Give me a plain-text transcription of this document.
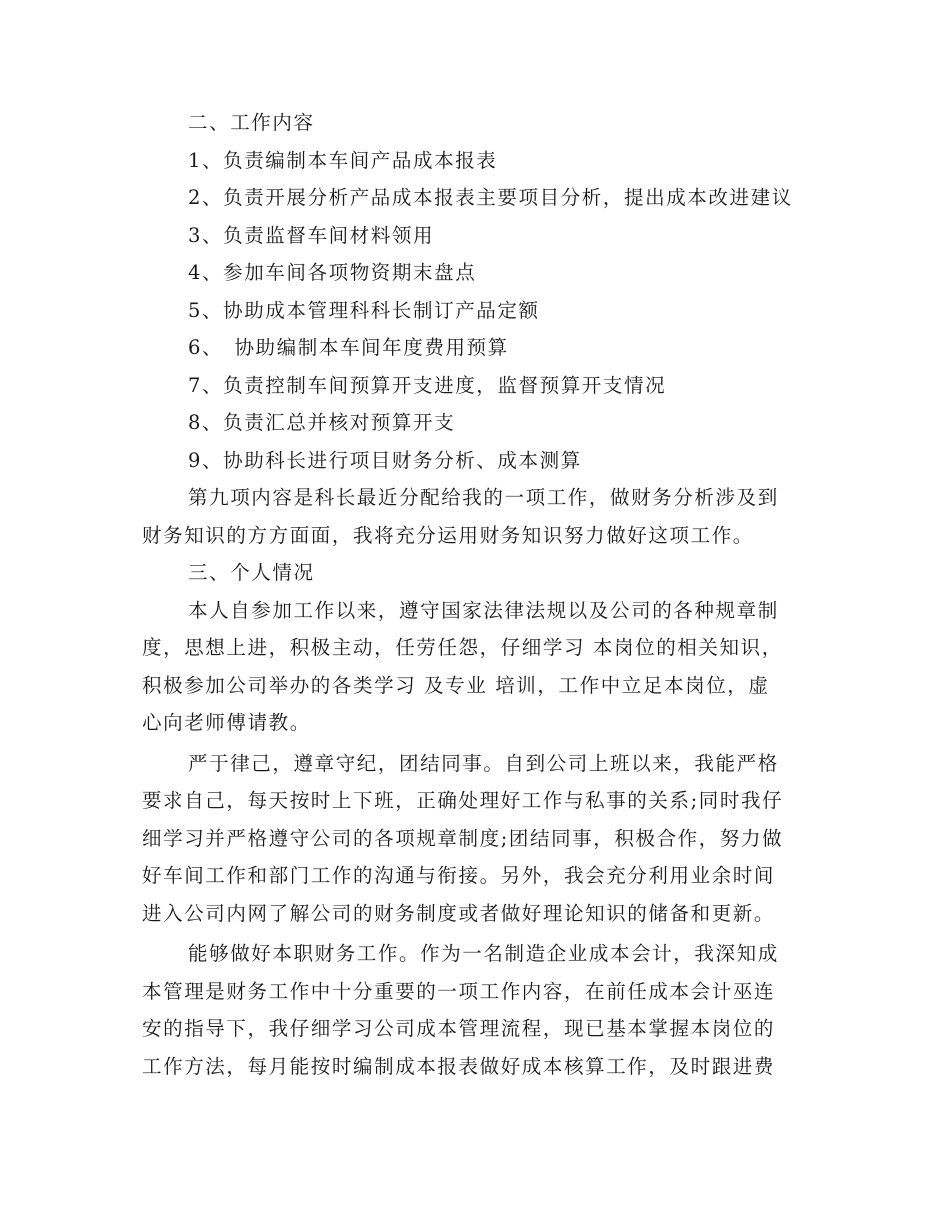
二、工作内容
1、负责编制本车间产品成本报表
2、负责开展分析产品成本报表主要项目分析，提出成本改进建议
3、负责监督车间材料领用
4、参加车间各项物资期末盘点
5、协助成本管理科科长制订产品定额
6、　协助编制本车间年度费用预算
7、负责控制车间预算开支进度，监督预算开支情况
8、负责汇总并核对预算开支
9、协助科长进行项目财务分析、成本测算
第九项内容是科长最近分配给我的一项工作，做财务分析涉及到
财务知识的方方面面，我将充分运用财务知识努力做好这项工作。
三、个人情况
本人自参加工作以来，遵守国家法律法规以及公司的各种规章制
度，思想上进，积极主动，任劳任怨，仔细学习 本岗位的相关知识，
积极参加公司举办的各类学习 及专业 培训，工作中立足本岗位，虚
心向老师傅请教。
严于律己，遵章守纪，团结同事。自到公司上班以来，我能严格
要求自己，每天按时上下班，正确处理好工作与私事的关系;同时我仔
细学习并严格遵守公司的各项规章制度;团结同事，积极合作，努力做
好车间工作和部门工作的沟通与衔接。另外，我会充分利用业余时间
进入公司内网了解公司的财务制度或者做好理论知识的储备和更新。
能够做好本职财务工作。作为一名制造企业成本会计，我深知成
本管理是财务工作中十分重要的一项工作内容，在前任成本会计巫连
安的指导下，我仔细学习公司成本管理流程，现已基本掌握本岗位的
工作方法，每月能按时编制成本报表做好成本核算工作，及时跟进费
